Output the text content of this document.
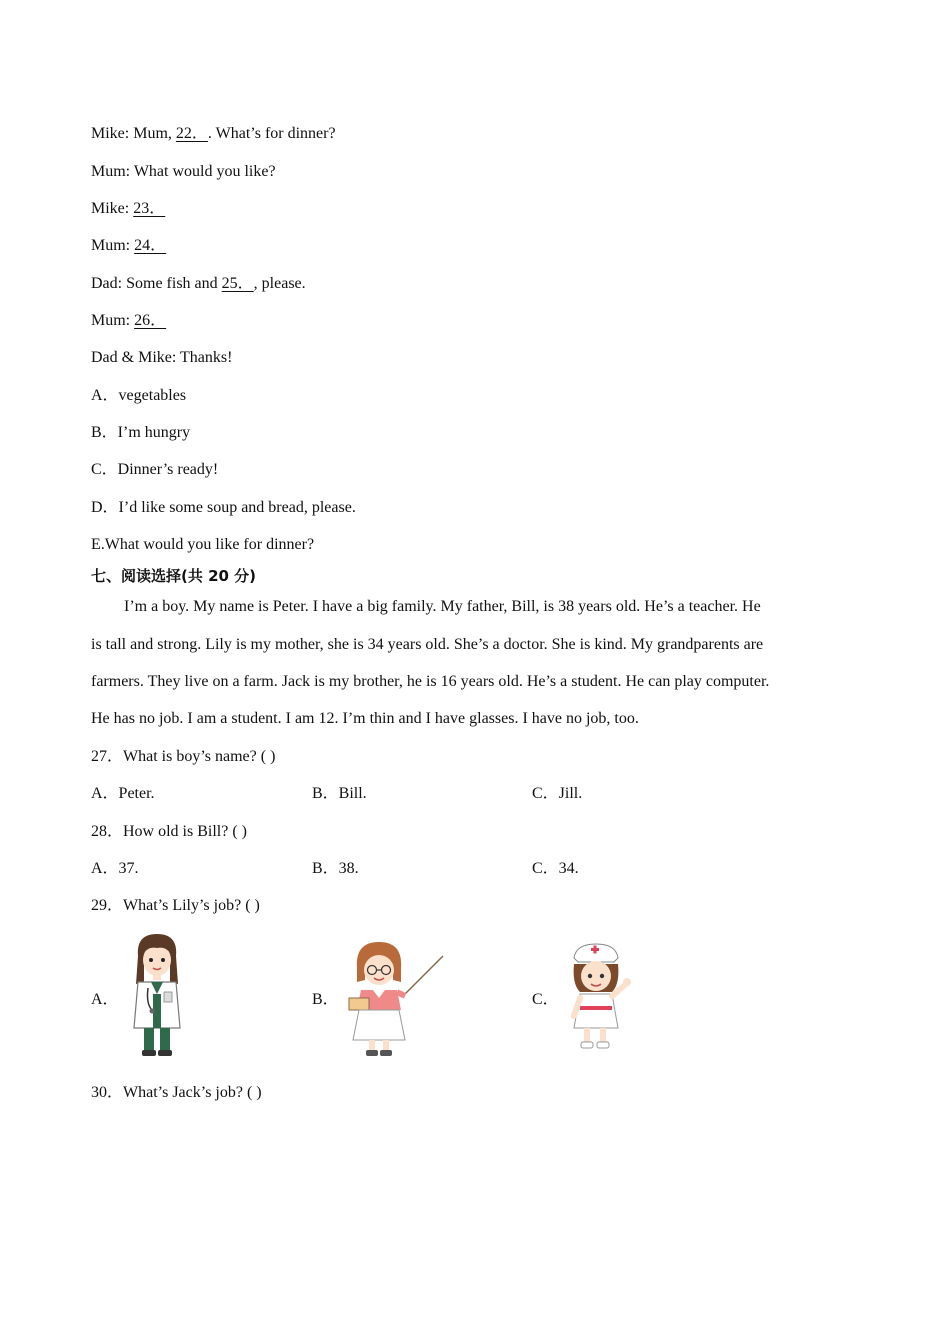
Mike: Mum, 22．. What’s for dinner?
Mum: What would you like?
Mike: 23．
Mum: 24．
Dad: Some fish and 25．, please.
Mum: 26．
Dad & Mike: Thanks!
A．vegetables
B．I’m hungry
C．Dinner’s ready!
D．I’d like some soup and bread, please.
E.What would you like for dinner?
七、阅读选择(共 20 分)
I’m a boy. My name is Peter. I have a big family. My father, Bill, is 38 years old. He’s a teacher. He
is tall and strong. Lily is my mother, she is 34 years old. She’s a doctor. She is kind. My grandparents are
farmers. They live on a farm. Jack is my brother, he is 16 years old. He’s a student. He can play computer.
He has no job. I am a student. I am 12. I’m thin and I have glasses. I have no job, too.
27．What is boy’s name? ( )
A．Peter.	B．Bill.	C．Jill.
28．How old is Bill? ( )
A．37.	B．38.	C．34.
29．What’s Lily’s job? ( )
A．	B．	C．
30．What’s Jack’s job? ( )
